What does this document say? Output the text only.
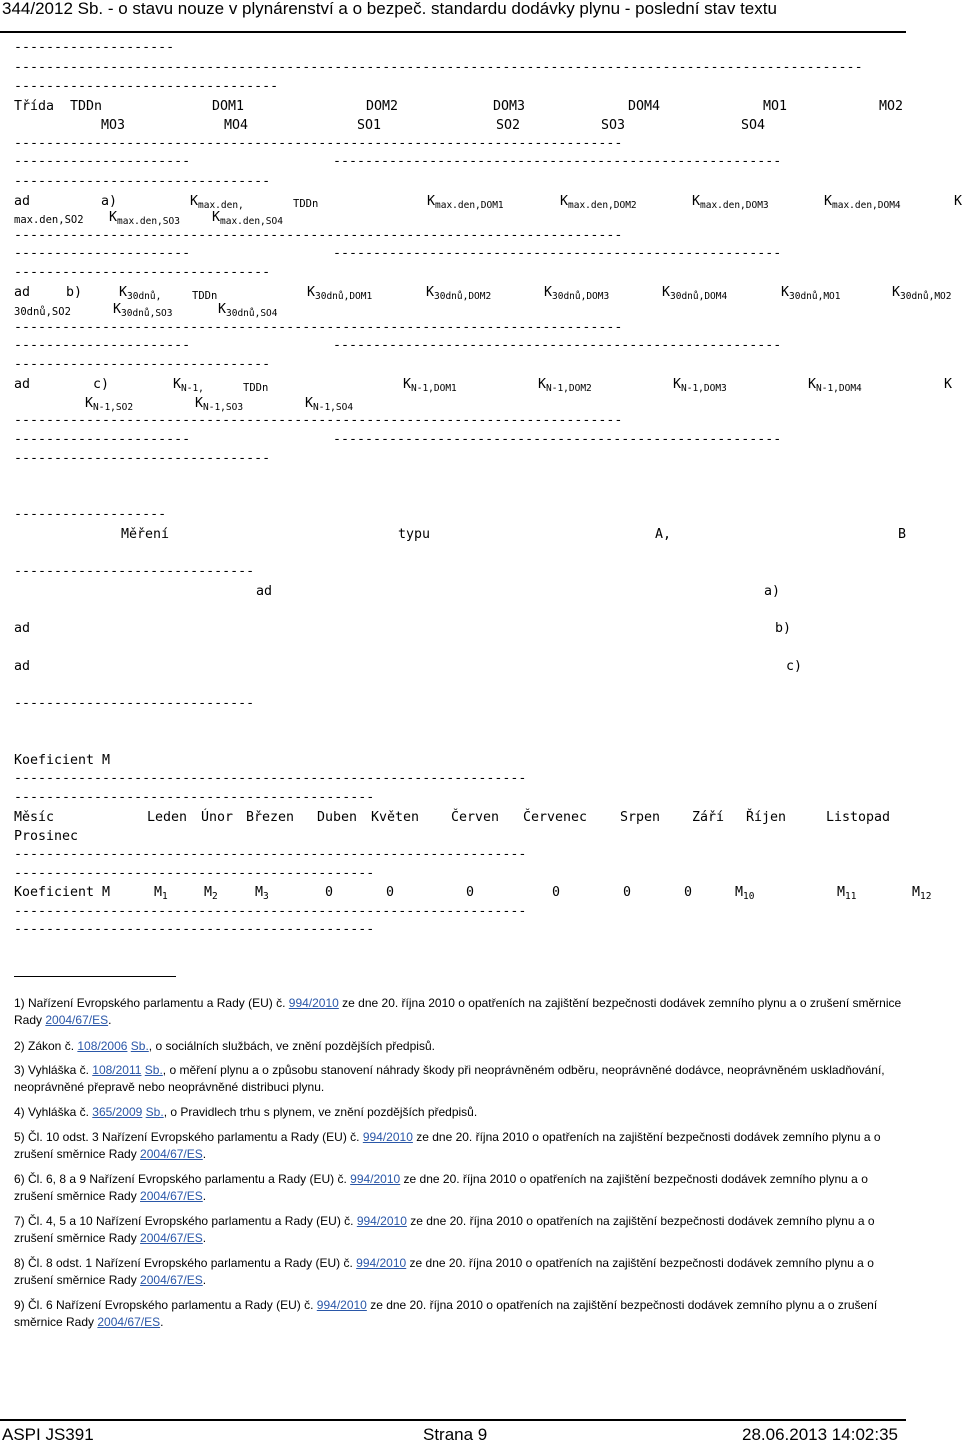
344/2012 Sb. - o stavu nouze v plynárenství a o bezpeč. standardu dodávky plynu - poslední stav textu
--------------------
----------------------------------------------------------------------------------------------------------
---------------------------------
Třída TDDn	DOM1	DOM2	DOM3	DOM4	MO1	MO2
MO3	MO4	SO1	SO2	SO3	SO4
----------------------------------------------------------------------------
----------------------	--------------------------------------------------------
--------------------------------
ad	a)	$K_{max.den,}$	TDDn	$K_{max.den,DOM1}$	$K_{max.den,DOM2}$	$K_{max.den,DOM3}$	$K_{max.den,DOM4}$	K
max.den,SO2 $K_{max.den,SO3}$ $K_{max.den,SO4}$
----------------------------------------------------------------------------
----------------------	--------------------------------------------------------
--------------------------------
ad	b)	$K_{30dnů,}$	TDDn	$K_{30dnů,DOM1}$	$K_{30dnů,DOM2}$	$K_{30dnů,DOM3}$	$K_{30dnů,DOM4}$	$K_{30dnů,MO1}$	$K_{30dnů,MO2}$
30dnů,SO2	$K_{30dnů,SO3}$	$K_{30dnů,SO4}$
----------------------------------------------------------------------------
----------------------	--------------------------------------------------------
--------------------------------
ad	c)	$K_{N-1,}$	TDDn	$K_{N-1,DOM1}$	$K_{N-1,DOM2}$	$K_{N-1,DOM3}$	$K_{N-1,DOM4}$	K
$K_{N-1,SO2}$	$K_{N-1,SO3}$	$K_{N-1,SO4}$
----------------------------------------------------------------------------
----------------------	--------------------------------------------------------
--------------------------------
-------------------
Měření	typu	A,	B
------------------------------
ad	a)
ad	b)
ad	c)
------------------------------
Koeficient M
----------------------------------------------------------------
---------------------------------------------
Měsíc	Leden Únor Březen Duben Květen Červen Červenec Srpen Září Říjen	Listopad
Prosinec
----------------------------------------------------------------
---------------------------------------------
Koeficient M	$M_1$	$M_2$	$M_3$	0	0	0	0	0	0	$M_{10}$	$M_{11}$	$M_{12}$
----------------------------------------------------------------
---------------------------------------------
1) Nařízení Evropského parlamentu a Rady (EU) č. 994/2010 ze dne 20. října 2010 o opatřeních na zajištění bezpečnosti dodávek zemního plynu a o zrušení směrnice Rady 2004/67/ES.
2) Zákon č. 108/2006 Sb., o sociálních službách, ve znění pozdějších předpisů.
3) Vyhláška č. 108/2011 Sb., o měření plynu a o způsobu stanovení náhrady škody při neoprávněném odběru, neoprávněné dodávce, neoprávněném uskladňování, neoprávněné přepravě nebo neoprávněné distribuci plynu.
4) Vyhláška č. 365/2009 Sb., o Pravidlech trhu s plynem, ve znění pozdějších předpisů.
5) Čl. 10 odst. 3 Nařízení Evropského parlamentu a Rady (EU) č. 994/2010 ze dne 20. října 2010 o opatřeních na zajištění bezpečnosti dodávek zemního plynu a o zrušení směrnice Rady 2004/67/ES.
6) Čl. 6, 8 a 9 Nařízení Evropského parlamentu a Rady (EU) č. 994/2010 ze dne 20. října 2010 o opatřeních na zajištění bezpečnosti dodávek zemního plynu a o zrušení směrnice Rady 2004/67/ES.
7) Čl. 4, 5 a 10 Nařízení Evropského parlamentu a Rady (EU) č. 994/2010 ze dne 20. října 2010 o opatřeních na zajištění bezpečnosti dodávek zemního plynu a o zrušení směrnice Rady 2004/67/ES.
8) Čl. 8 odst. 1 Nařízení Evropského parlamentu a Rady (EU) č. 994/2010 ze dne 20. října 2010 o opatřeních na zajištění bezpečnosti dodávek zemního plynu a o zrušení směrnice Rady 2004/67/ES.
9) Čl. 6 Nařízení Evropského parlamentu a Rady (EU) č. 994/2010 ze dne 20. října 2010 o opatřeních na zajištění bezpečnosti dodávek zemního plynu a o zrušení směrnice Rady 2004/67/ES.
ASPI JS391	Strana 9	28.06.2013 14:02:35
